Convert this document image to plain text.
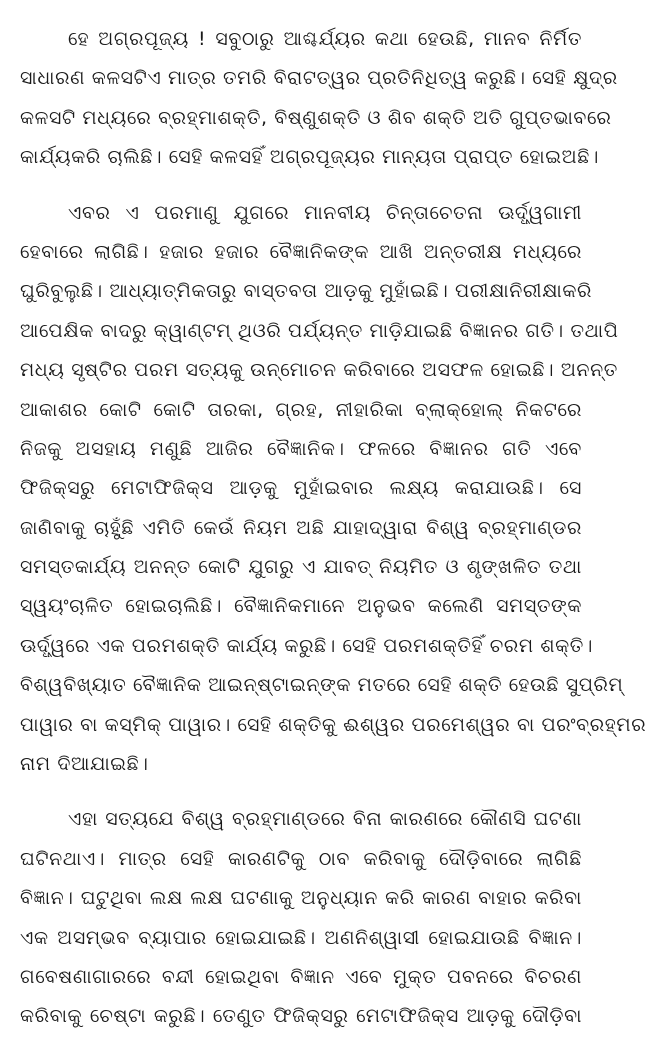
ହେ ଅଗ୍ରପୂଜ୍ୟ ! ସବୁଠାରୁ ଆଶ୍ଚର୍ଯ୍ୟର କଥା ହେଉଛି, ମାନବ ନିର୍ମିତ
ସାଧାରଣ କଳସଟିଏ ମାତ୍ର ତମରି ବିରାଟତ୍ୱର ପ୍ରତିନିଧିତ୍ୱ କରୁଛି। ସେହି କ୍ଷୁଦ୍ର
କଳସଟି ମଧ୍ୟରେ ବ୍ରହ୍ମାଶକ୍ତି, ବିଷ୍ଣୁଶକ୍ତି ଓ ଶିବ ଶକ୍ତି ଅତି ଗୁପ୍ତଭାବରେ
କାର୍ଯ୍ୟକରି ଚାଲିଛି। ସେହି କଳସହିଁ ଅଗ୍ରପୂଜ୍ୟର ମାନ୍ୟତା ପ୍ରାପ୍ତ ହୋଇଅଛି।
ଏବର ଏ ପରମାଣୁ ଯୁଗରେ ମାନବୀୟ ଚିନ୍ତାଚେତନା ଊର୍ଦ୍ଧ୍ୱଗାମୀ
ହେବାରେ ଲାଗିଛି। ହଜାର ହଜାର ବୈଜ୍ଞାନିକଙ୍କ ଆଖି ଅନ୍ତରୀକ୍ଷ ମଧ୍ୟରେ
ଘୁରିବୁଲୁଛି। ଆଧ୍ୟାତ୍ମିକତାରୁ ବାସ୍ତବତା ଆଡ଼କୁ ମୁହାଁଇଛି। ପରୀକ୍ଷାନିରୀକ୍ଷାକରି
ଆପେକ୍ଷିକ ବାଦରୁ କ୍ୱାଣ୍ଟମ୍ ଥିଓରି ପର୍ଯ୍ୟନ୍ତ ମାଡ଼ିଯାଇଛି ବିଜ୍ଞାନର ଗତି। ତଥାପି
ମଧ୍ୟ ସୃଷ୍ଟିର ପରମ ସତ୍ୟକୁ ଉନ୍ମୋଚନ କରିବାରେ ଅସଫଳ ହୋଇଛି। ଅନନ୍ତ
ଆକାଶର କୋଟି କୋଟି ତାରକା, ଗ୍ରହ, ନୀହାରିକା ବ୍ଲାକ୍‌ହୋଲ୍ ନିକଟରେ
ନିଜକୁ ଅସହାୟ ମଣୁଛି ଆଜିର ବୈଜ୍ଞାନିକ। ଫଳରେ ବିଜ୍ଞାନର ଗତି ଏବେ
ଫିଜିକ୍‌ସରୁ ମେଟାଫିଜିକ୍‌ସ ଆଡ଼କୁ ମୁହାଁଇବାର ଲକ୍ଷ୍ୟ କରାଯାଉଛି। ସେ
ଜାଣିବାକୁ ଚାହୁଁଛି ଏମିତି କେଉଁ ନିୟମ ଅଛି ଯାହାଦ୍ୱାରା ବିଶ୍ୱ ବ୍ରହ୍ମାଣ୍ଡର
ସମସ୍ତକାର୍ଯ୍ୟ ଅନନ୍ତ କୋଟି ଯୁଗରୁ ଏ ଯାବତ୍ ନିୟମିତ ଓ ଶୃଙ୍ଖଳିତ ତଥା
ସ୍ୱୟଂଚାଳିତ ହୋଇଚାଲିଛି। ବୈଜ୍ଞାନିକମାନେ ଅନୁଭବ କଲେଣି ସମସ୍ତଙ୍କ
ଊର୍ଦ୍ଧ୍ୱରେ ଏକ ପରମଶକ୍ତି କାର୍ଯ୍ୟ କରୁଛି। ସେହି ପରମଶକ୍ତିହିଁ ଚରମ ଶକ୍ତି।
ବିଶ୍ୱବିଖ୍ୟାତ ବୈଜ୍ଞାନିକ ଆଇନ୍‌ଷ୍ଟାଇନ୍‌ଙ୍କ ମତରେ ସେହି ଶକ୍ତି ହେଉଛି ସୁପ୍ରିମ୍
ପାୱାର ବା କସ୍‌ମିକ୍ ପାୱାର। ସେହି ଶକ୍ତିକୁ ଈଶ୍ୱର ପରମେଶ୍ୱର ବା ପରଂବ୍ରହ୍ମର
ନାମ ଦିଆଯାଇଛି।
ଏହା ସତ୍ୟଯେ ବିଶ୍ୱ ବ୍ରହ୍ମାଣ୍ଡରେ ବିନା କାରଣରେ କୌଣସି ଘଟଣା
ଘଟିନଥାଏ। ମାତ୍ର ସେହି କାରଣଟିକୁ ଠାବ କରିବାକୁ ଦୌଡ଼ିବାରେ ଲାଗିଛି
ବିଜ୍ଞାନ। ଘଟୁଥିବା ଲକ୍ଷ ଲକ୍ଷ ଘଟଣାକୁ ଅନୁଧ୍ୟାନ କରି କାରଣ ବାହାର କରିବା
ଏକ ଅସମ୍ଭବ ବ୍ୟାପାର ହୋଇଯାଇଛି। ଅଣନିଶ୍ୱାସୀ ହୋଇଯାଉଛି ବିଜ୍ଞାନ।
ଗବେଷଣାଗାରରେ ବନ୍ଦୀ ହୋଇଥିବା ବିଜ୍ଞାନ ଏବେ ମୁକ୍ତ ପବନରେ ବିଚରଣ
କରିବାକୁ ଚେଷ୍ଟା କରୁଛି। ତେଣୁତ ଫିଜିକ୍‌ସରୁ ମେଟାଫିଜିକ୍‌ସ ଆଡ଼କୁ ଦୌଡ଼ିବା
